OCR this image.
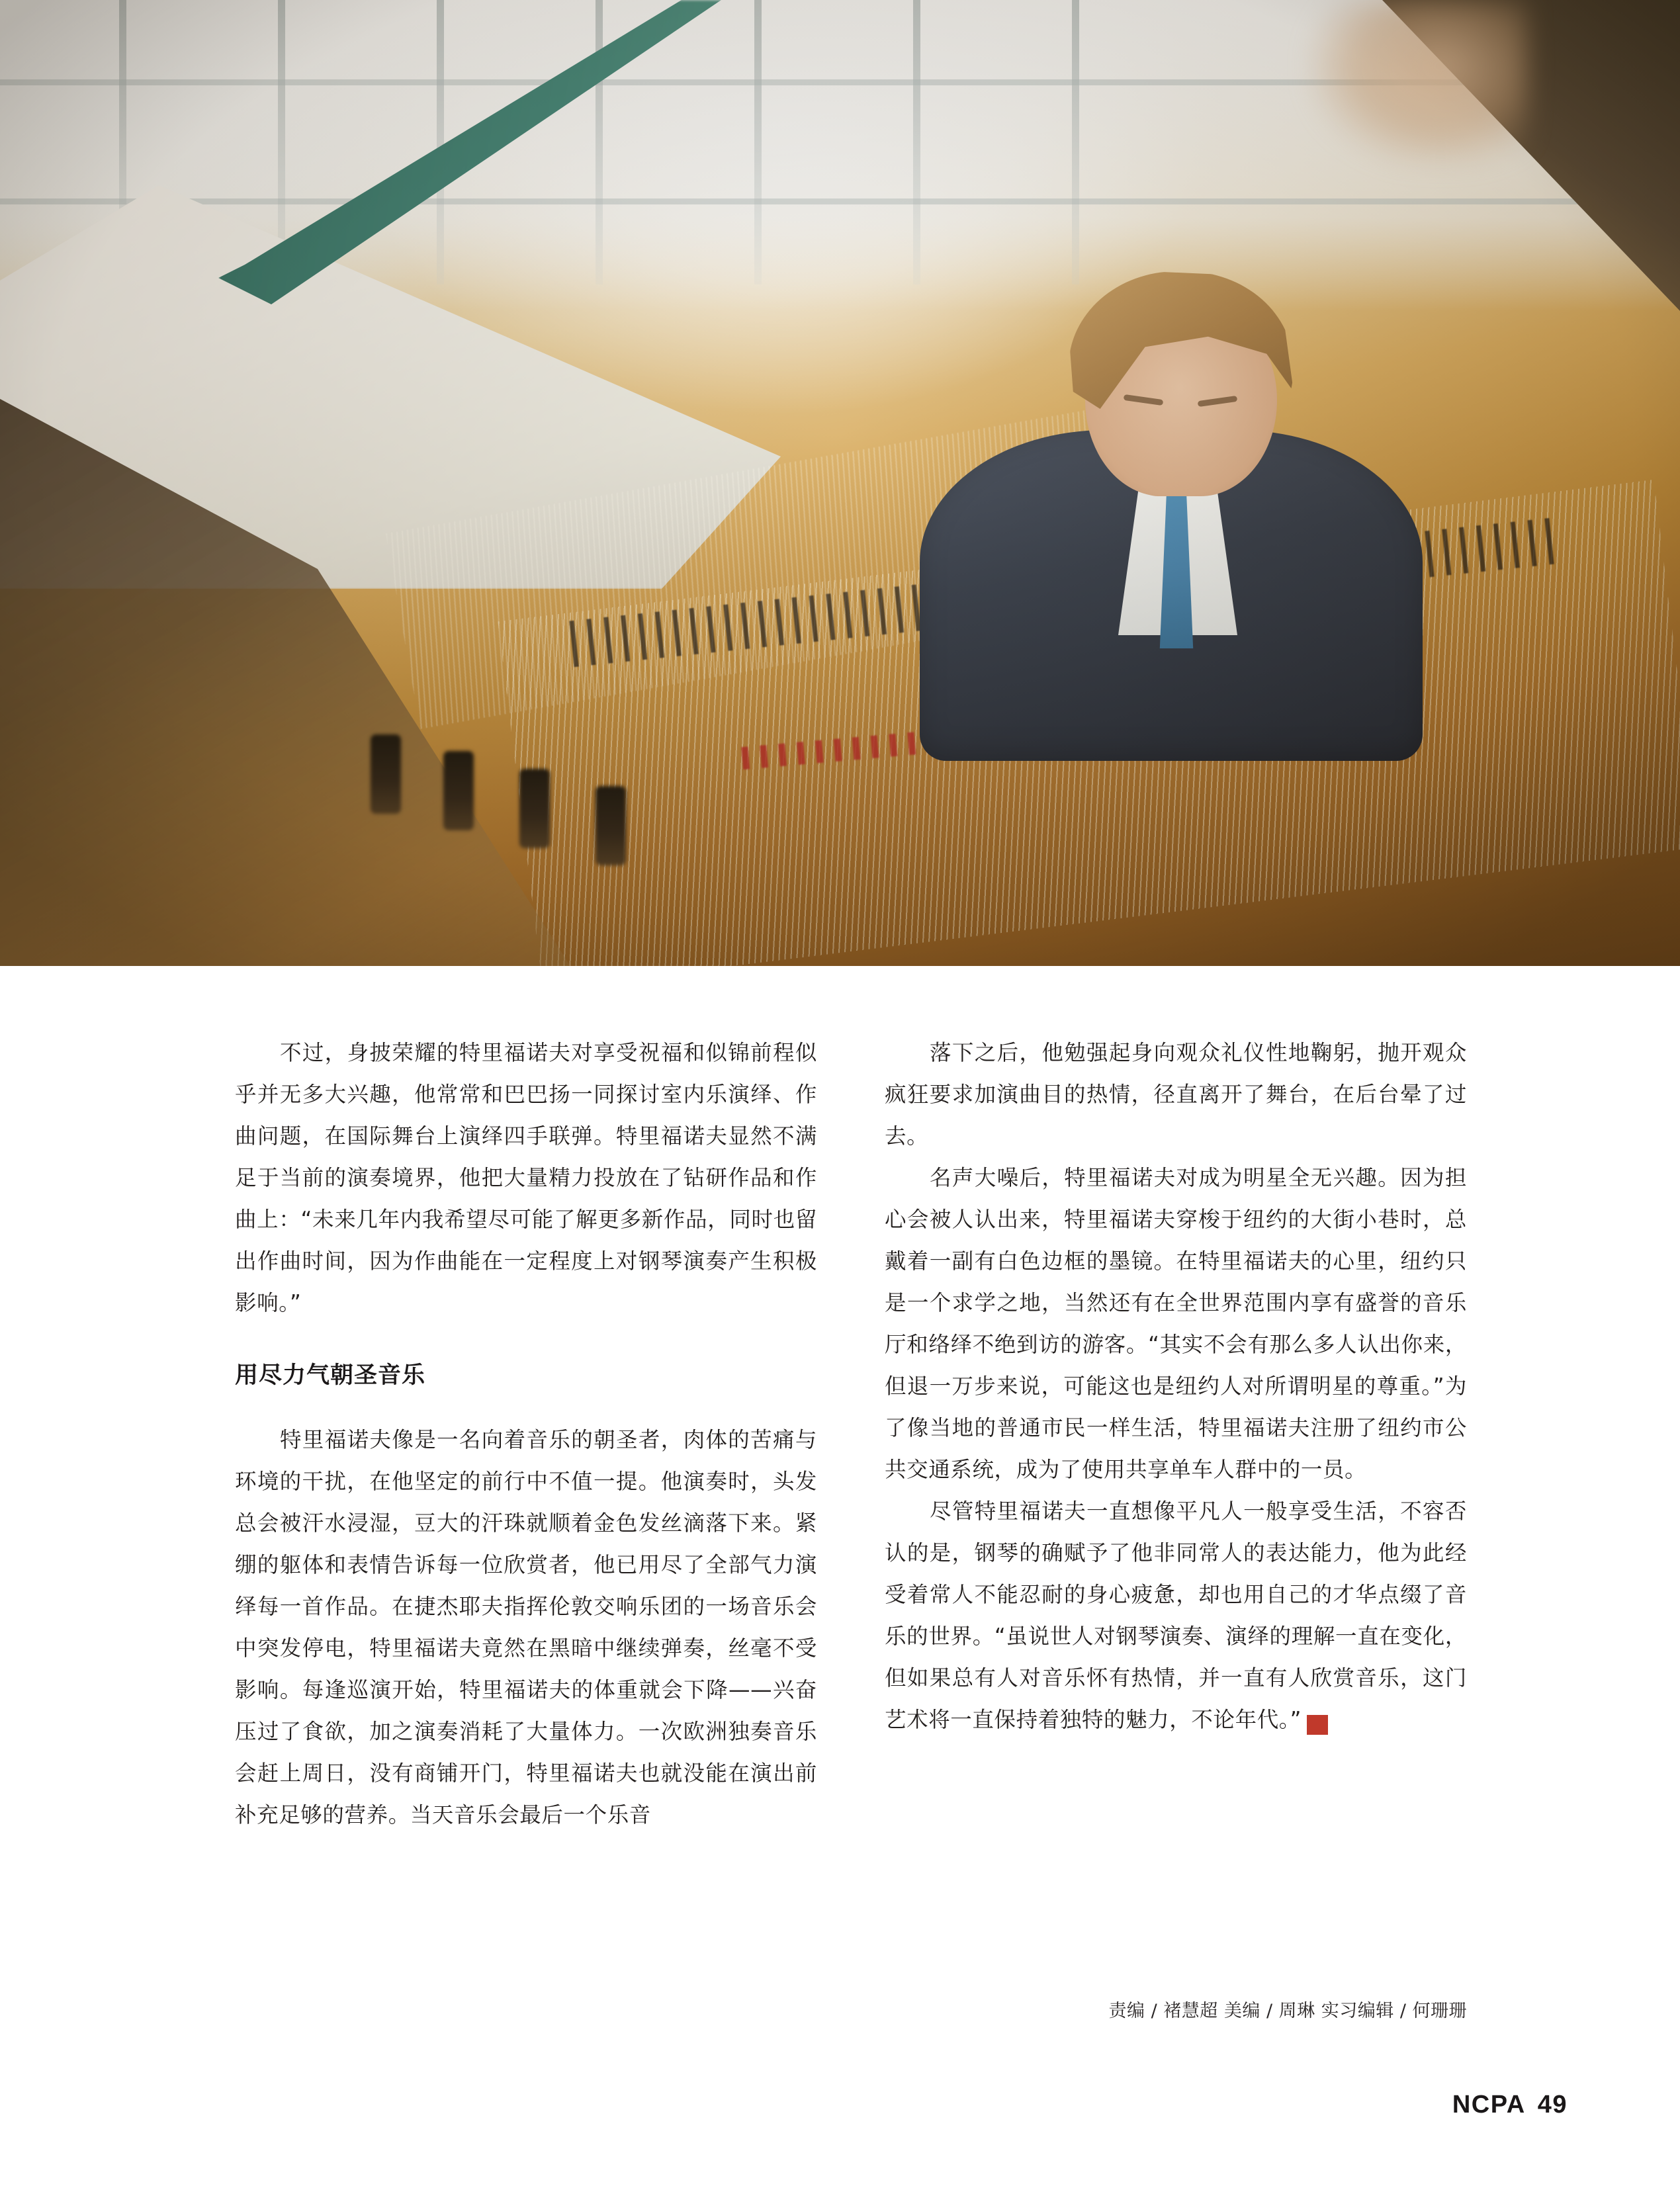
不过，身披荣耀的特里福诺夫对享受祝福和似锦前程似乎并无多大兴趣，他常常和巴巴扬一同探讨室内乐演绎、作曲问题，在国际舞台上演绎四手联弹。特里福诺夫显然不满足于当前的演奏境界，他把大量精力投放在了钻研作品和作曲上：“未来几年内我希望尽可能了解更多新作品，同时也留出作曲时间，因为作曲能在一定程度上对钢琴演奏产生积极影响。”

用尽力气朝圣音乐

特里福诺夫像是一名向着音乐的朝圣者，肉体的苦痛与环境的干扰，在他坚定的前行中不值一提。他演奏时，头发总会被汗水浸湿，豆大的汗珠就顺着金色发丝滴落下来。紧绷的躯体和表情告诉每一位欣赏者，他已用尽了全部气力演绎每一首作品。在捷杰耶夫指挥伦敦交响乐团的一场音乐会中突发停电，特里福诺夫竟然在黑暗中继续弹奏，丝毫不受影响。每逢巡演开始，特里福诺夫的体重就会下降——兴奋压过了食欲，加之演奏消耗了大量体力。一次欧洲独奏音乐会赶上周日，没有商铺开门，特里福诺夫也就没能在演出前补充足够的营养。当天音乐会最后一个乐音

落下之后，他勉强起身向观众礼仪性地鞠躬，抛开观众疯狂要求加演曲目的热情，径直离开了舞台，在后台晕了过去。

名声大噪后，特里福诺夫对成为明星全无兴趣。因为担心会被人认出来，特里福诺夫穿梭于纽约的大街小巷时，总戴着一副有白色边框的墨镜。在特里福诺夫的心里，纽约只是一个求学之地，当然还有在全世界范围内享有盛誉的音乐厅和络绎不绝到访的游客。“其实不会有那么多人认出你来，但退一万步来说，可能这也是纽约人对所谓明星的尊重。”为了像当地的普通市民一样生活，特里福诺夫注册了纽约市公共交通系统，成为了使用共享单车人群中的一员。

尽管特里福诺夫一直想像平凡人一般享受生活，不容否认的是，钢琴的确赋予了他非同常人的表达能力，他为此经受着常人不能忍耐的身心疲惫，却也用自己的才华点缀了音乐的世界。“虽说世人对钢琴演奏、演绎的理解一直在变化，但如果总有人对音乐怀有热情，并一直有人欣赏音乐，这门艺术将一直保持着独特的魅力，不论年代。”	NC
PA

责编 / 褚慧超 美编 / 周琳 实习编辑 / 何珊珊
NCPA 49
